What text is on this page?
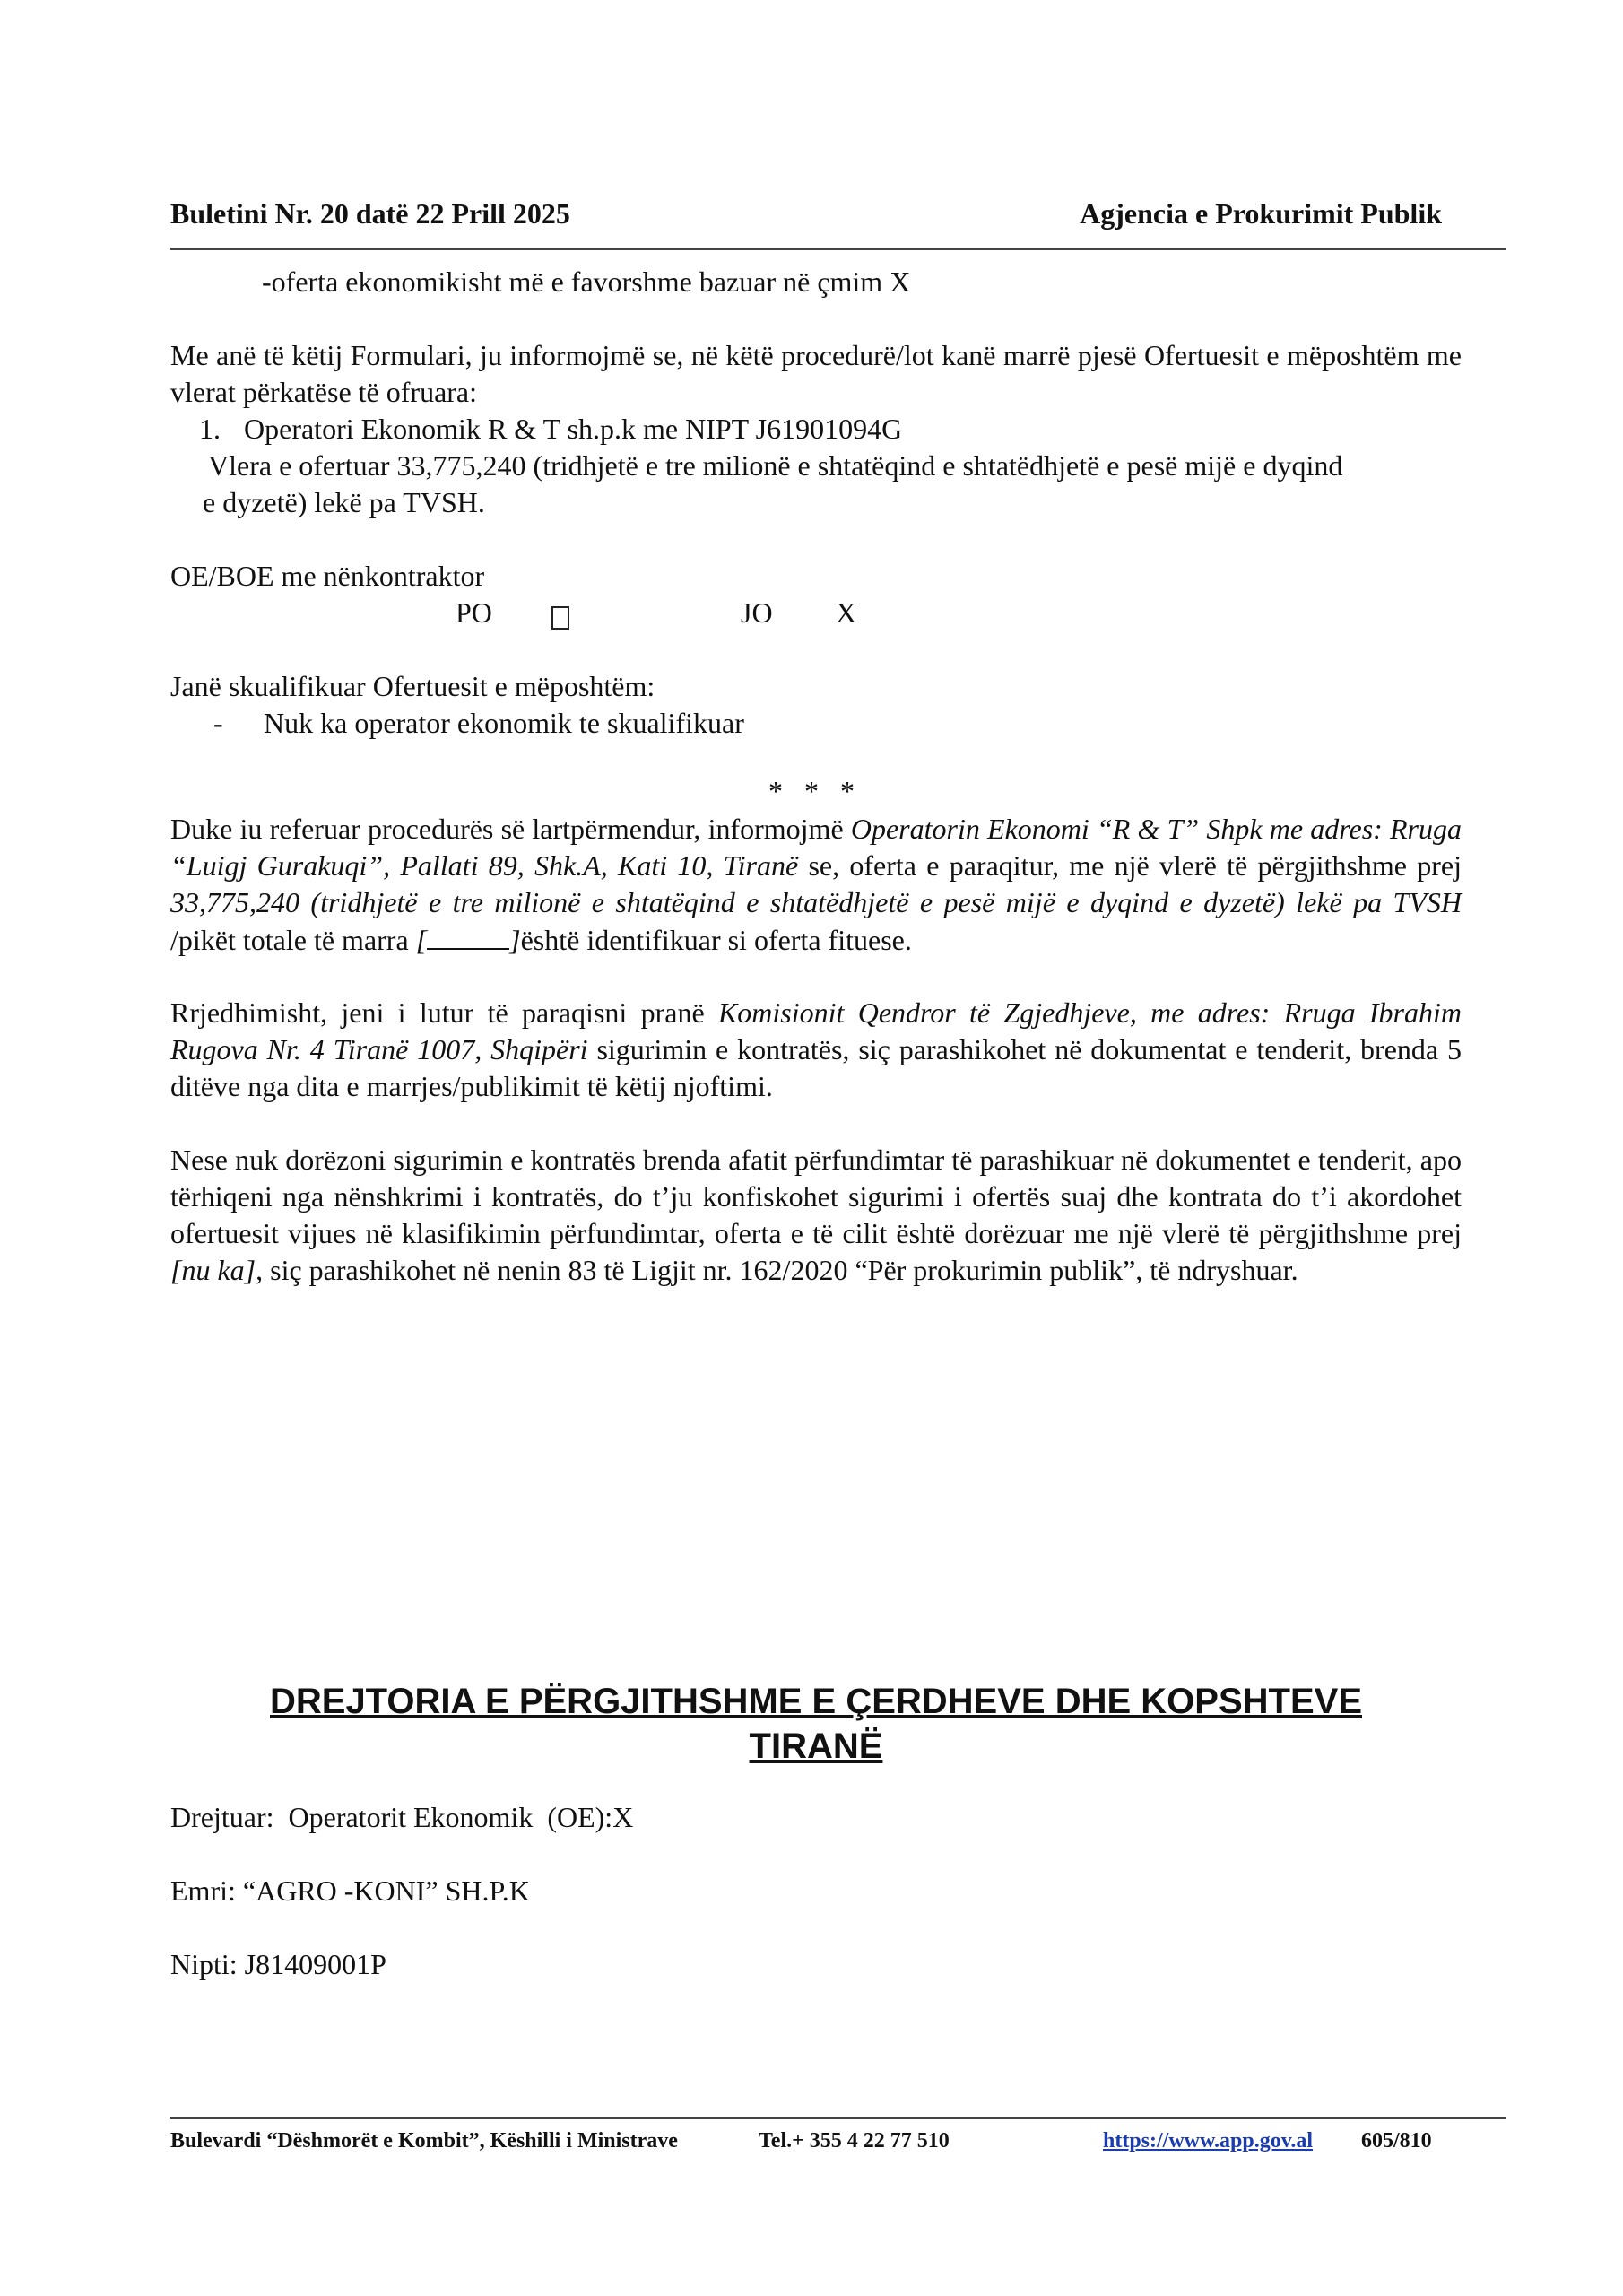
Buletini Nr. 20 datë 22 Prill 2025	Agjencia e Prokurimit Publik
-oferta ekonomikisht më e favorshme bazuar në çmim X
Me anë të këtij Formulari, ju informojmë se, në këtë procedurë/lot kanë marrë pjesë Ofertuesit e mëposhtëm me vlerat përkatëse të ofruara:
1. Operatori Ekonomik R & T sh.p.k me NIPT J61901094G
Vlera e ofertuar 33,775,240 (tridhjetë e tre milionë e shtatëqind e shtatëdhjetë e pesë mijë e dyqind
e dyzetë) lekë pa TVSH.
OE/BOE me nënkontraktor
PO	JO	X
Janë skualifikuar Ofertuesit e mëposhtëm:
-	Nuk ka operator ekonomik te skualifikuar
*   *   *
Duke iu referuar procedurës së lartpërmendur, informojmë Operatorin Ekonomi “R & T” Shpk me adres: Rruga “Luigj Gurakuqi”, Pallati 89, Shk.A, Kati 10, Tiranë se, oferta e paraqitur, me një vlerë të përgjithshme prej 33,775,240 (tridhjetë e tre milionë e shtatëqind e shtatëdhjetë e pesë mijë e dyqind e dyzetë) lekë pa TVSH /pikët totale të marra [	]është identifikuar si oferta fituese.
Rrjedhimisht, jeni i lutur të paraqisni pranë Komisionit Qendror të Zgjedhjeve, me adres: Rruga Ibrahim Rugova Nr. 4 Tiranë 1007, Shqipëri sigurimin e kontratës, siç parashikohet në dokumentat e tenderit, brenda 5 ditëve nga dita e marrjes/publikimit të këtij njoftimi.
Nese nuk dorëzoni sigurimin e kontratës brenda afatit përfundimtar të parashikuar në dokumentet e tenderit, apo tërhiqeni nga nënshkrimi i kontratës, do t’ju konfiskohet sigurimi i ofertës suaj dhe kontrata do t’i akordohet ofertuesit vijues në klasifikimin përfundimtar, oferta e të cilit është dorëzuar me një vlerë të përgjithshme prej [nu ka], siç parashikohet në nenin 83 të Ligjit nr. 162/2020 “Për prokurimin publik”, të ndryshuar.
DREJTORIA E PËRGJITHSHME E ÇERDHEVE DHE KOPSHTEVE
TIRANË
Drejtuar:  Operatorit Ekonomik  (OE):X
Emri: “AGRO -KONI” SH.P.K
Nipti: J81409001P
Bulevardi “Dëshmorët e Kombit”, Këshilli i Ministrave	Tel.+ 355 4 22 77 510	https://www.app.gov.al 605/810
